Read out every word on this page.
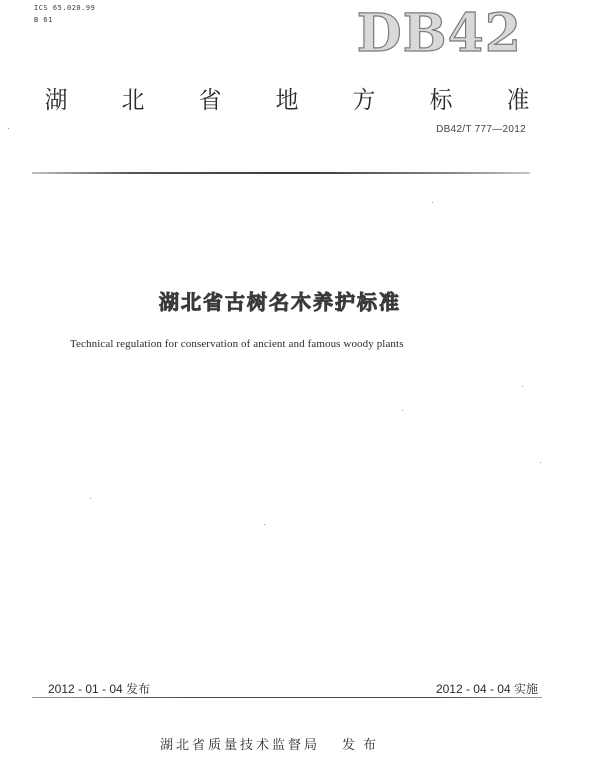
ICS 65.020.99
B 61	DB42
湖 北 省 地 方 标 准
DB42/T 777—2012
湖北省古树名木养护标准
Technical regulation for conservation of ancient and famous woody plants
2012 - 01 - 04 发布	2012 - 04 - 04 实施
湖北省质量技术监督局 发布
